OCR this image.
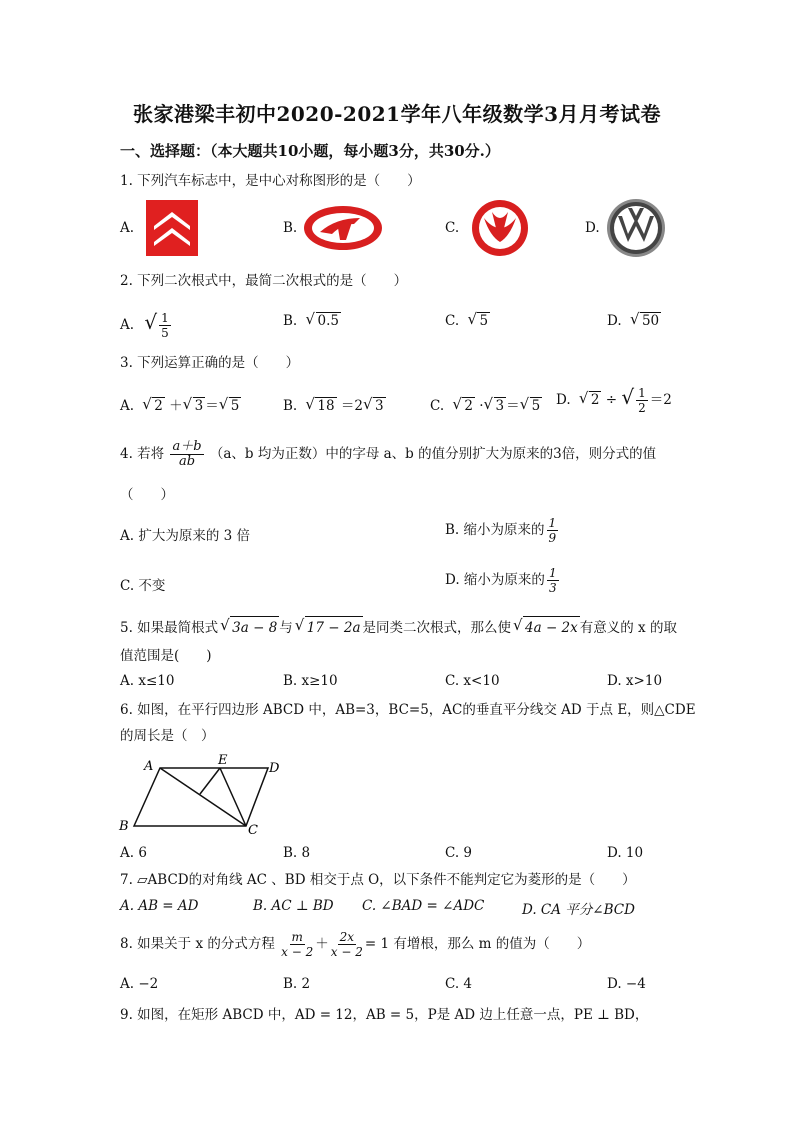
张家港梁丰初中2020-2021学年八年级数学3月月考试卷
一、选择题：（本大题共10小题，每小题3分，共30分.）
1. 下列汽车标志中，是中心对称图形的是（　　）
A.	B.	C.	D.
2. 下列二次根式中，最简二次根式的是（　　）
A. √ $\frac{1}{5}$	B. √ 0.5	C. √ 5	D. √ 50
3. 下列运算正确的是（　　）
A.    √ 2 ＋ √ 3 ＝ √ 5	B.    √ 18 ＝2 √ 3	C.    √ 2 · √ 3 ＝ √ 5 D.    √ 2 ÷ √ $\frac{1}{2} =2$
4. 若将 $\frac{a+b}{ab} (a$、b 均为正数）中的字母 a、b 的值分别扩大为原来的3倍，则分式的值
（　　）
A. 扩大为原来的 3 倍	B. 缩小为原来的 $\frac{1}{9}$
C. 不变	D. 缩小为原来的 $\frac{1}{3}$
5. 如果最简根式 √ 3a − 8 与 √ 17 − 2a 是同类二次根式，那么使 √ 4a − 2x 有意义的 x 的取
值范围是(　　)
A. x≤10	B. x≥10	C. x<10	D. x>10
6. 如图，在平行四边形 ABCD 中，AB=3，BC=5，AC的垂直平分线交 AD 于点 E，则△CDE
的周长是（　）
A	E
D
B	C
A. 6	B. 8	C. 9	D. 10
7. ▱ABCD的对角线 AC 、BD 相交于点 O，以下条件不能判定它为菱形的是（　　）
A. AB = AD	B. AC ⊥ BD C. ∠BAD = ∠ADC	D. CA 平分∠BCD
8. 如果关于 x 的分式方程 $\frac{m}{x - 2} + \frac{2x}{x - 2} = 1$ 有增根，那么 m 的值为（　　）
A. −2	B. 2	C. 4	D. −4
9. 如图，在矩形 ABCD 中，AD = 12，AB = 5，P是 AD 边上任意一点，PE ⊥ BD，
